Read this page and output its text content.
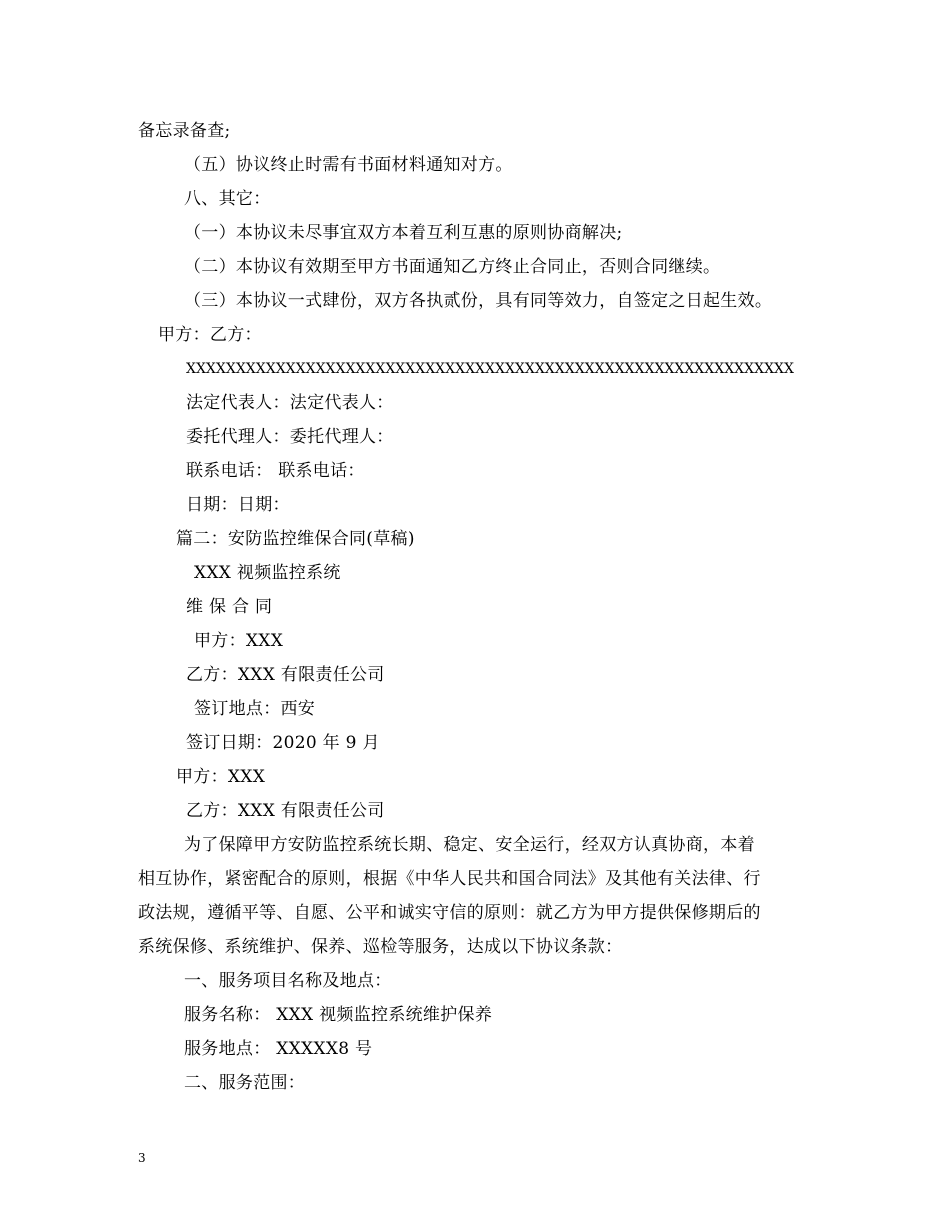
备忘录备查;
（五）协议终止时需有书面材料通知对方。
八、其它：
（一）本协议未尽事宜双方本着互利互惠的原则协商解决;
（二）本协议有效期至甲方书面通知乙方终止合同止，否则合同继续。
（三）本协议一式肆份，双方各执贰份，具有同等效力，自签定之日起生效。
甲方：乙方：
XXXXXXXXXXXXXXXXXXXXXXXXXXXXXXXXXXXXXXXXXXXXXXXXXXXXXXXXXXXXX
法定代表人：法定代表人：
委托代理人：委托代理人：
联系电话： 联系电话：
日期：日期：
篇二：安防监控维保合同(草稿)
XXX 视频监控系统
维 保 合 同
甲方：XXX
乙方：XXX 有限责任公司
签订地点：西安
签订日期：2020 年 9 月
甲方：XXX
乙方：XXX 有限责任公司
为了保障甲方安防监控系统长期、稳定、安全运行，经双方认真协商，本着
相互协作，紧密配合的原则，根据《中华人民共和国合同法》及其他有关法律、行
政法规，遵循平等、自愿、公平和诚实守信的原则：就乙方为甲方提供保修期后的
系统保修、系统维护、保养、巡检等服务，达成以下协议条款：
一、服务项目名称及地点：
服务名称： XXX 视频监控系统维护保养
服务地点： XXXXX8 号
二、服务范围：
3
